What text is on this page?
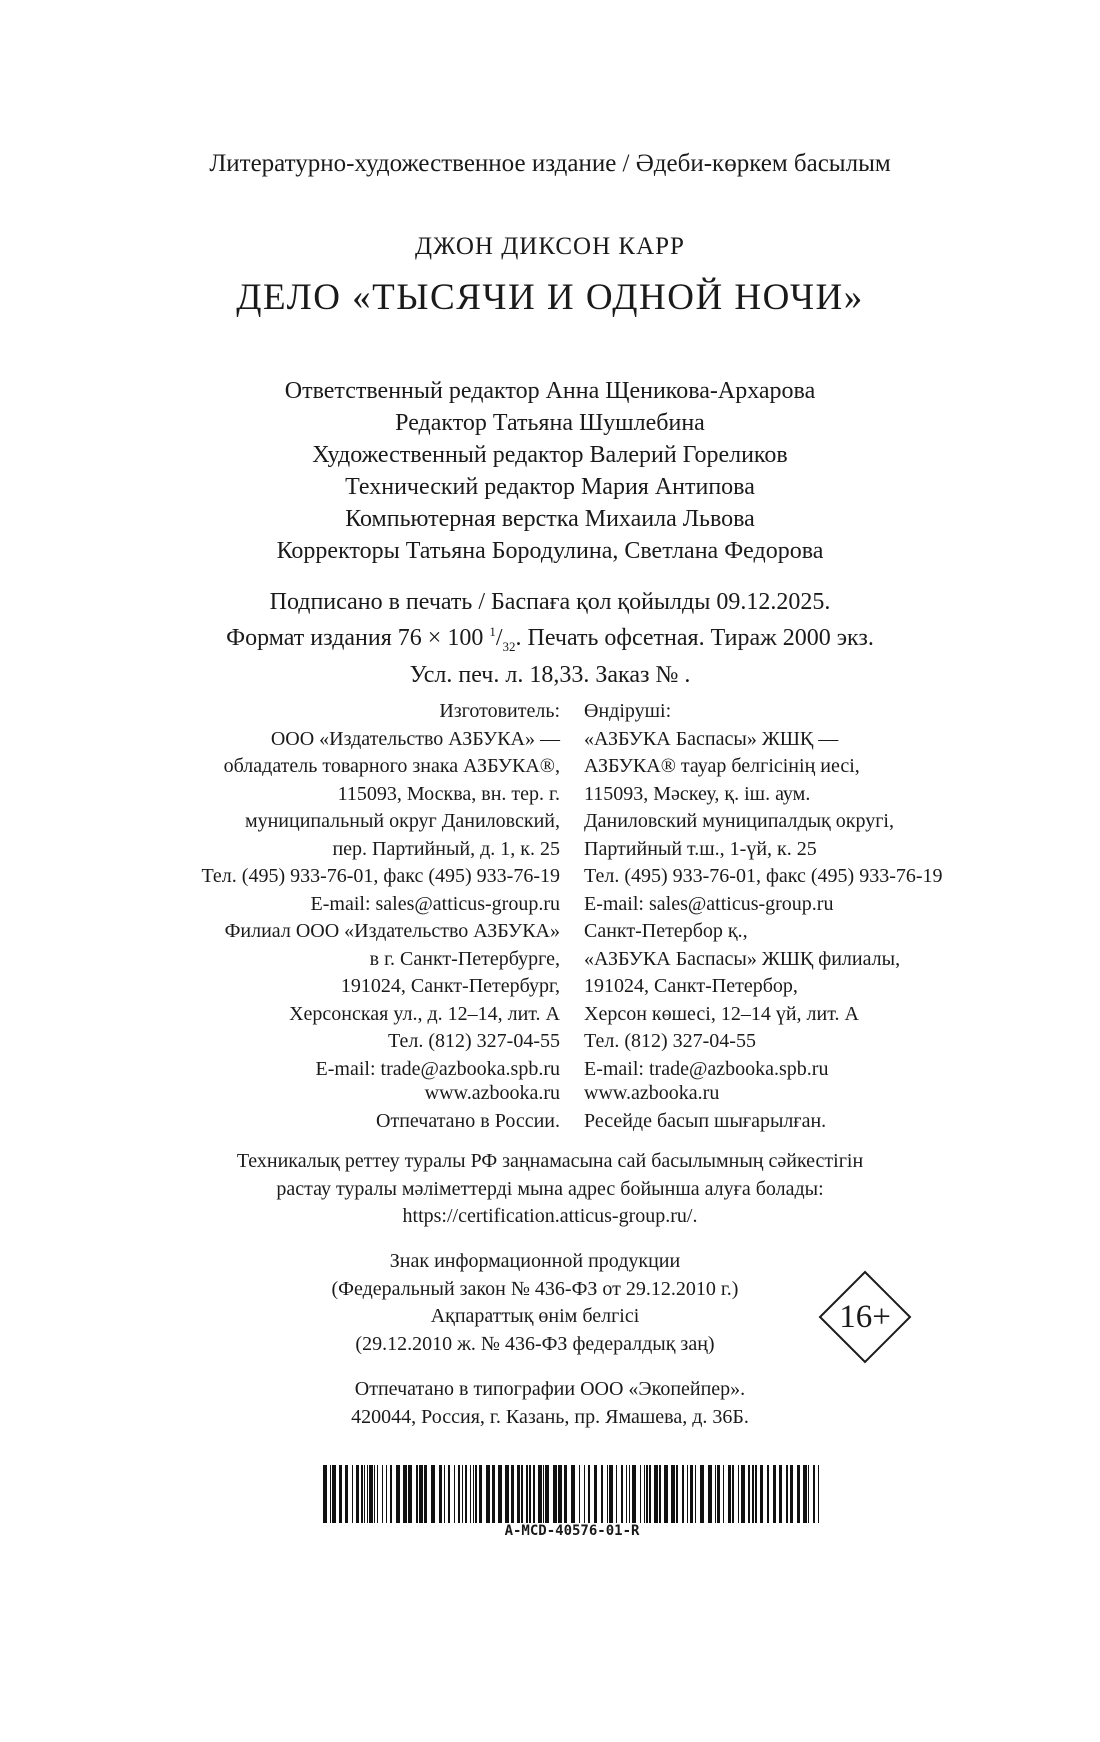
Литературно-художественное издание / Әдеби-көркем басылым
ДЖОН ДИКСОН КАРР
ДЕЛО «ТЫСЯЧИ И ОДНОЙ НОЧИ»
Ответственный редактор Анна Щеникова-Архарова
Редактор Татьяна Шушлебина
Художественный редактор Валерий Гореликов
Технический редактор Мария Антипова
Компьютерная верстка Михаила Львова
Корректоры Татьяна Бородулина, Светлана Федорова
Подписано в печать / Баспаға қол қойылды 09.12.2025.
Формат издания 76 × 100 $^1/_{32}$. Печать офсетная. Тираж 2000 экз.
Усл. печ. л. 18,33. Заказ № .
Изготовитель:
ООО «Издательство АЗБУКА» —
обладатель товарного знака АЗБУКА®,
115093, Москва, вн. тер. г.
муниципальный округ Даниловский,
пер. Партийный, д. 1, к. 25
Тел. (495) 933-76-01, факс (495) 933-76-19
E-mail: sales@atticus-group.ru
Өндіруші:
«АЗБУКА Баспасы» ЖШҚ —
АЗБУКА® тауар белгісінің иесі,
115093, Мәскеу, қ. іш. аум.
Даниловский муниципалдық округі,
Партийный т.ш., 1-үй, к. 25
Тел. (495) 933-76-01, факс (495) 933-76-19
E-mail: sales@atticus-group.ru
Филиал ООО «Издательство АЗБУКА»
в г. Санкт-Петербурге,
191024, Санкт-Петербург,
Херсонская ул., д. 12–14, лит. А
Тел. (812) 327-04-55
E-mail: trade@azbooka.spb.ru
Санкт-Петербор қ.,
«АЗБУКА Баспасы» ЖШҚ филиалы,
191024, Санкт-Петербор,
Херсон көшесі, 12–14 үй, лит. А
Тел. (812) 327-04-55
E-mail: trade@azbooka.spb.ru
www.azbooka.ru
Отпечатано в России.
www.azbooka.ru
Ресейде басып шығарылған.
Техникалық реттеу туралы РФ заңнамасына сай басылымның сәйкестігін
растау туралы мәліметтерді мына адрес бойынша алуға болады:
https://certification.atticus-group.ru/.
Знак информационной продукции
(Федеральный закон № 436-ФЗ от 29.12.2010 г.)
Ақпараттық өнім белгісі
(29.12.2010 ж. № 436-ФЗ федералдық заң)
16+
Отпечатано в типографии ООО «Экопейпер».
420044, Россия, г. Казань, пр. Ямашева, д. 36Б.
A-MCD-40576-01-R
